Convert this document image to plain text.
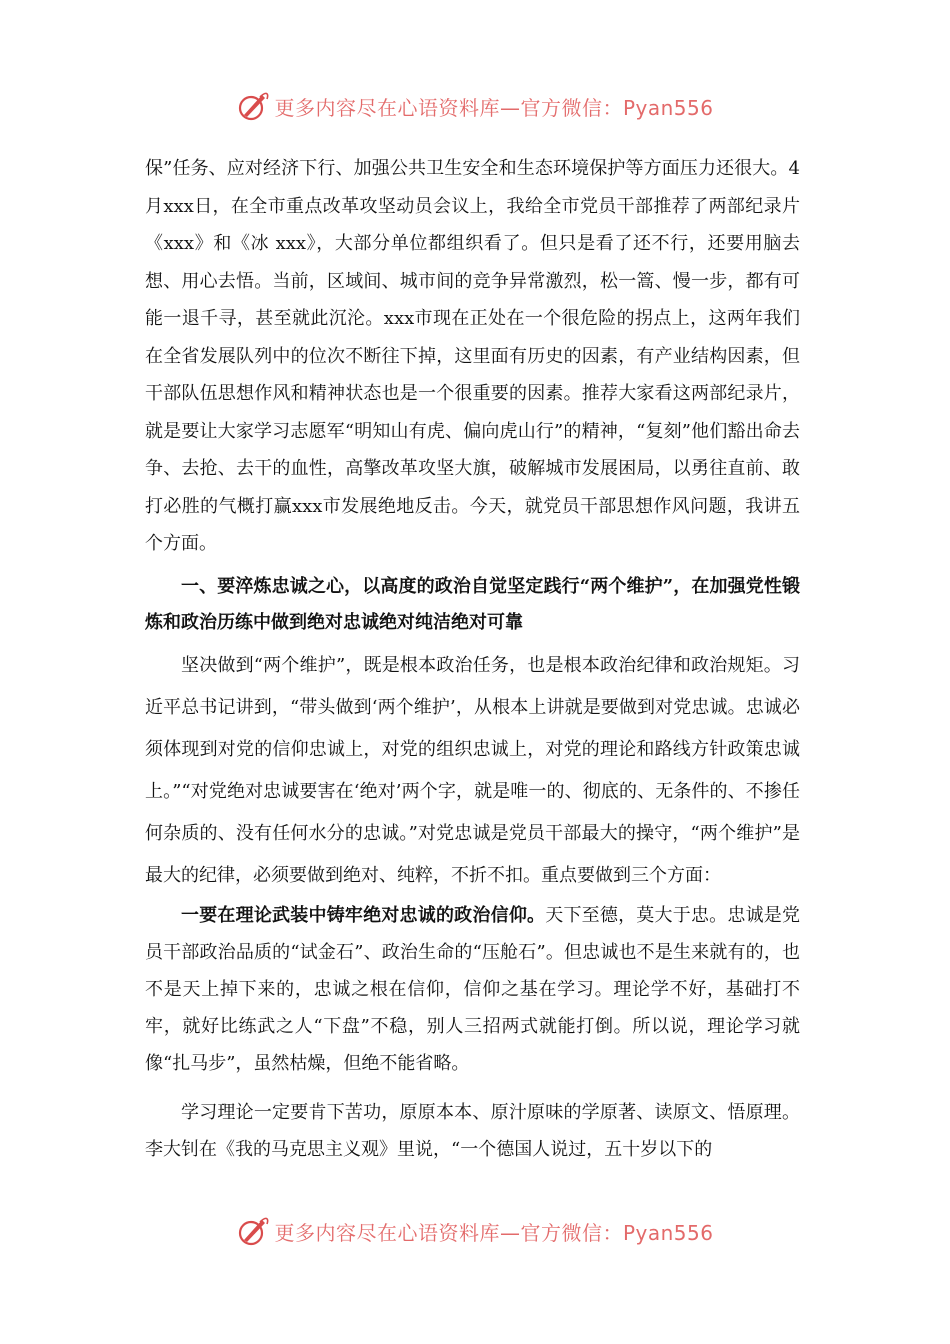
更多内容尽在心语资料库—官方微信：Pyan556

保”任务、应对经济下行、加强公共卫生安全和生态环境保护等方面压力还很大。4月xxx日，在全市重点改革攻坚动员会议上，我给全市党员干部推荐了两部纪录片《xxx》和《冰 xxx》，大部分单位都组织看了。但只是看了还不行，还要用脑去想、用心去悟。当前，区域间、城市间的竞争异常激烈，松一篙、慢一步，都有可能一退千寻，甚至就此沉沦。xxx市现在正处在一个很危险的拐点上，这两年我们在全省发展队列中的位次不断往下掉，这里面有历史的因素，有产业结构因素，但干部队伍思想作风和精神状态也是一个很重要的因素。推荐大家看这两部纪录片，就是要让大家学习志愿军“明知山有虎、偏向虎山行”的精神，“复刻”他们豁出命去争、去抢、去干的血性，高擎改革攻坚大旗，破解城市发展困局，以勇往直前、敢打必胜的气概打赢xxx市发展绝地反击。今天，就党员干部思想作风问题，我讲五个方面。

一、要淬炼忠诚之心，以高度的政治自觉坚定践行“两个维护”，在加强党性锻炼和政治历练中做到绝对忠诚绝对纯洁绝对可靠

坚决做到“两个维护”，既是根本政治任务，也是根本政治纪律和政治规矩。习近平总书记讲到，“带头做到‘两个维护’，从根本上讲就是要做到对党忠诚。忠诚必须体现到对党的信仰忠诚上，对党的组织忠诚上，对党的理论和路线方针政策忠诚上。”“对党绝对忠诚要害在‘绝对’两个字，就是唯一的、彻底的、无条件的、不掺任何杂质的、没有任何水分的忠诚。”对党忠诚是党员干部最大的操守，“两个维护”是最大的纪律，必须要做到绝对、纯粹，不折不扣。重点要做到三个方面：

一要在理论武装中铸牢绝对忠诚的政治信仰。天下至德，莫大于忠。忠诚是党员干部政治品质的“试金石”、政治生命的“压舱石”。但忠诚也不是生来就有的，也不是天上掉下来的，忠诚之根在信仰，信仰之基在学习。理论学不好，基础打不牢，就好比练武之人“下盘”不稳，别人三招两式就能打倒。所以说，理论学习就像“扎马步”，虽然枯燥，但绝不能省略。

学习理论一定要肯下苦功，原原本本、原汁原味的学原著、读原文、悟原理。李大钊在《我的马克思主义观》里说，“一个德国人说过，五十岁以下的

更多内容尽在心语资料库—官方微信：Pyan556
